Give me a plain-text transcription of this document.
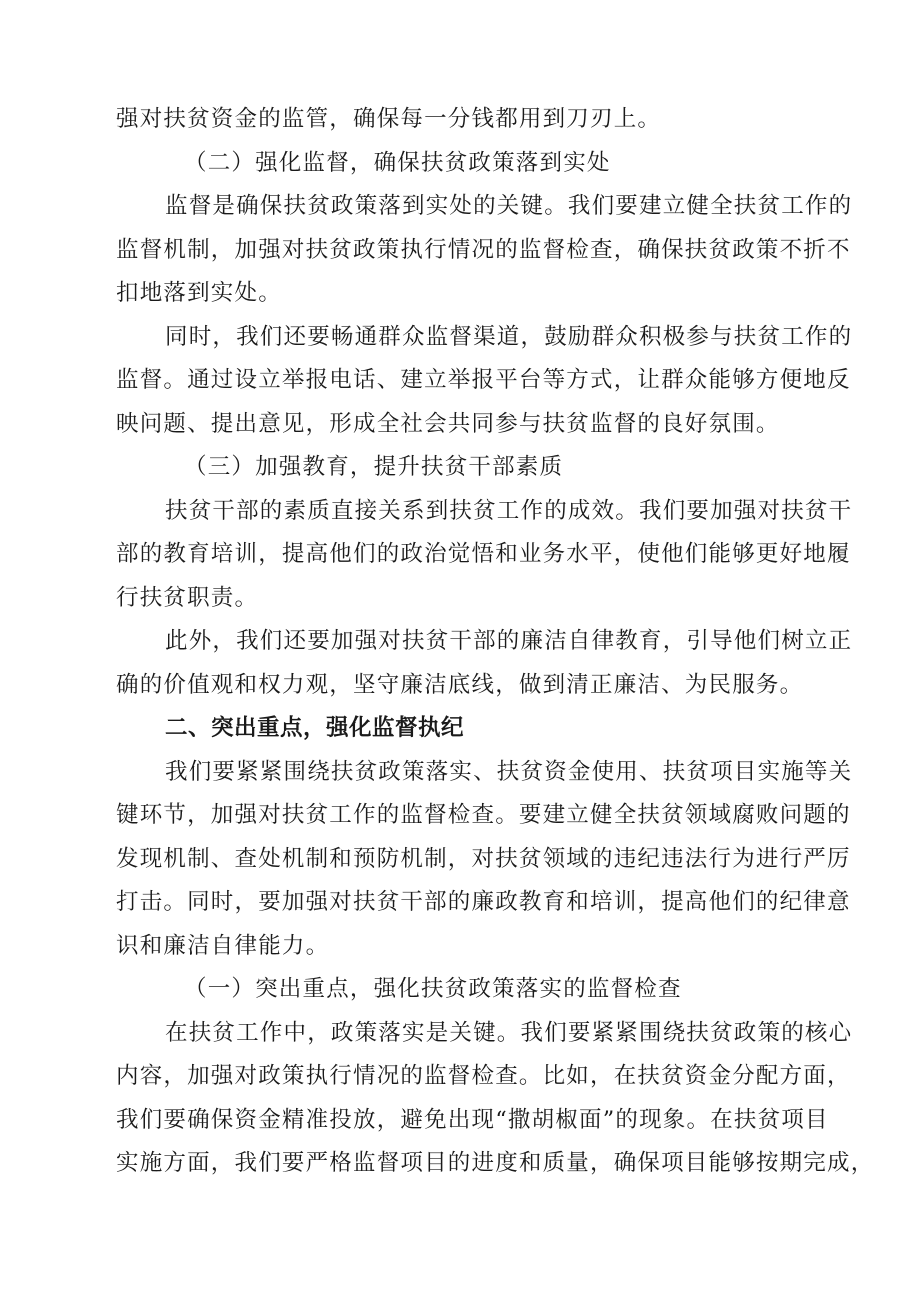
强对扶贫资金的监管，确保每一分钱都用到刀刃上。
（二）强化监督，确保扶贫政策落到实处
监督是确保扶贫政策落到实处的关键。我们要建立健全扶贫工作的
监督机制，加强对扶贫政策执行情况的监督检查，确保扶贫政策不折不
扣地落到实处。
同时，我们还要畅通群众监督渠道，鼓励群众积极参与扶贫工作的
监督。通过设立举报电话、建立举报平台等方式，让群众能够方便地反
映问题、提出意见，形成全社会共同参与扶贫监督的良好氛围。
（三）加强教育，提升扶贫干部素质
扶贫干部的素质直接关系到扶贫工作的成效。我们要加强对扶贫干
部的教育培训，提高他们的政治觉悟和业务水平，使他们能够更好地履
行扶贫职责。
此外，我们还要加强对扶贫干部的廉洁自律教育，引导他们树立正
确的价值观和权力观，坚守廉洁底线，做到清正廉洁、为民服务。
二、突出重点，强化监督执纪
我们要紧紧围绕扶贫政策落实、扶贫资金使用、扶贫项目实施等关
键环节，加强对扶贫工作的监督检查。要建立健全扶贫领域腐败问题的
发现机制、查处机制和预防机制，对扶贫领域的违纪违法行为进行严厉
打击。同时，要加强对扶贫干部的廉政教育和培训，提高他们的纪律意
识和廉洁自律能力。
（一）突出重点，强化扶贫政策落实的监督检查
在扶贫工作中，政策落实是关键。我们要紧紧围绕扶贫政策的核心
内容，加强对政策执行情况的监督检查。比如，在扶贫资金分配方面，
我们要确保资金精准投放，避免出现“撒胡椒面”的现象。在扶贫项目
实施方面，我们要严格监督项目的进度和质量，确保项目能够按期完成，
